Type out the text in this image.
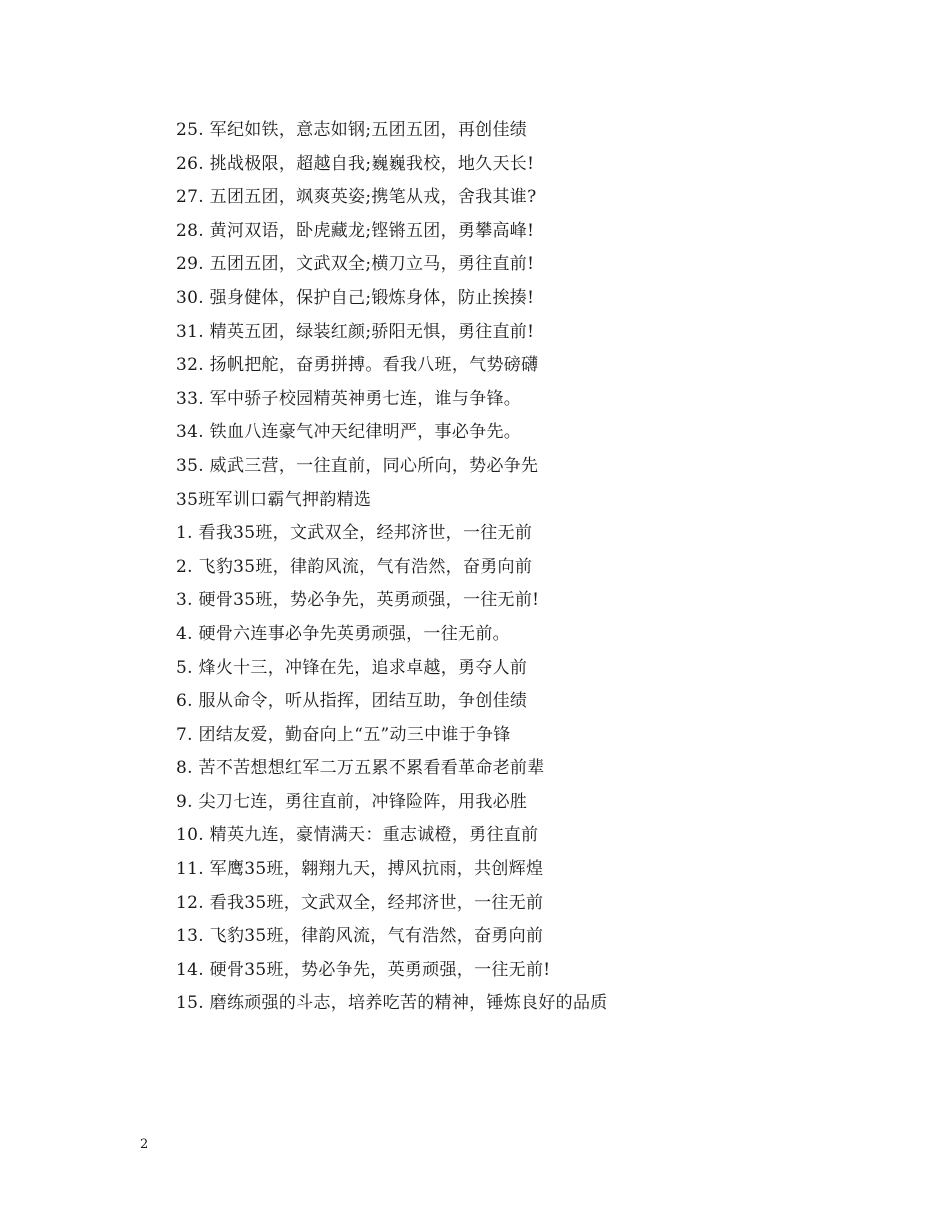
25. 军纪如铁，意志如钢;五团五团，再创佳绩
26. 挑战极限，超越自我;巍巍我校，地久天长!
27. 五团五团，飒爽英姿;携笔从戎，舍我其谁?
28. 黄河双语，卧虎藏龙;铿锵五团，勇攀高峰!
29. 五团五团，文武双全;横刀立马，勇往直前!
30. 强身健体，保护自己;锻炼身体，防止挨揍!
31. 精英五团，绿装红颜;骄阳无惧，勇往直前!
32. 扬帆把舵，奋勇拼搏。看我八班，气势磅礴
33. 军中骄子校园精英神勇七连，谁与争锋。
34. 铁血八连豪气冲天纪律明严，事必争先。
35. 威武三营，一往直前，同心所向，势必争先
35班军训口霸气押韵精选
1. 看我35班，文武双全，经邦济世，一往无前
2. 飞豹35班，律韵风流，气有浩然，奋勇向前
3. 硬骨35班，势必争先，英勇顽强，一往无前!
4. 硬骨六连事必争先英勇顽强，一往无前。
5. 烽火十三，冲锋在先，追求卓越，勇夺人前
6. 服从命令，听从指挥，团结互助，争创佳绩
7. 团结友爱，勤奋向上“五”动三中谁于争锋
8. 苦不苦想想红军二万五累不累看看革命老前辈
9. 尖刀七连，勇往直前，冲锋险阵，用我必胜
10. 精英九连，豪情满天：重志诚橙，勇往直前
11. 军鹰35班，翱翔九天，搏风抗雨，共创辉煌
12. 看我35班，文武双全，经邦济世，一往无前
13. 飞豹35班，律韵风流，气有浩然，奋勇向前
14. 硬骨35班，势必争先，英勇顽强，一往无前!
15. 磨练顽强的斗志，培养吃苦的精神，锤炼良好的品质
2
